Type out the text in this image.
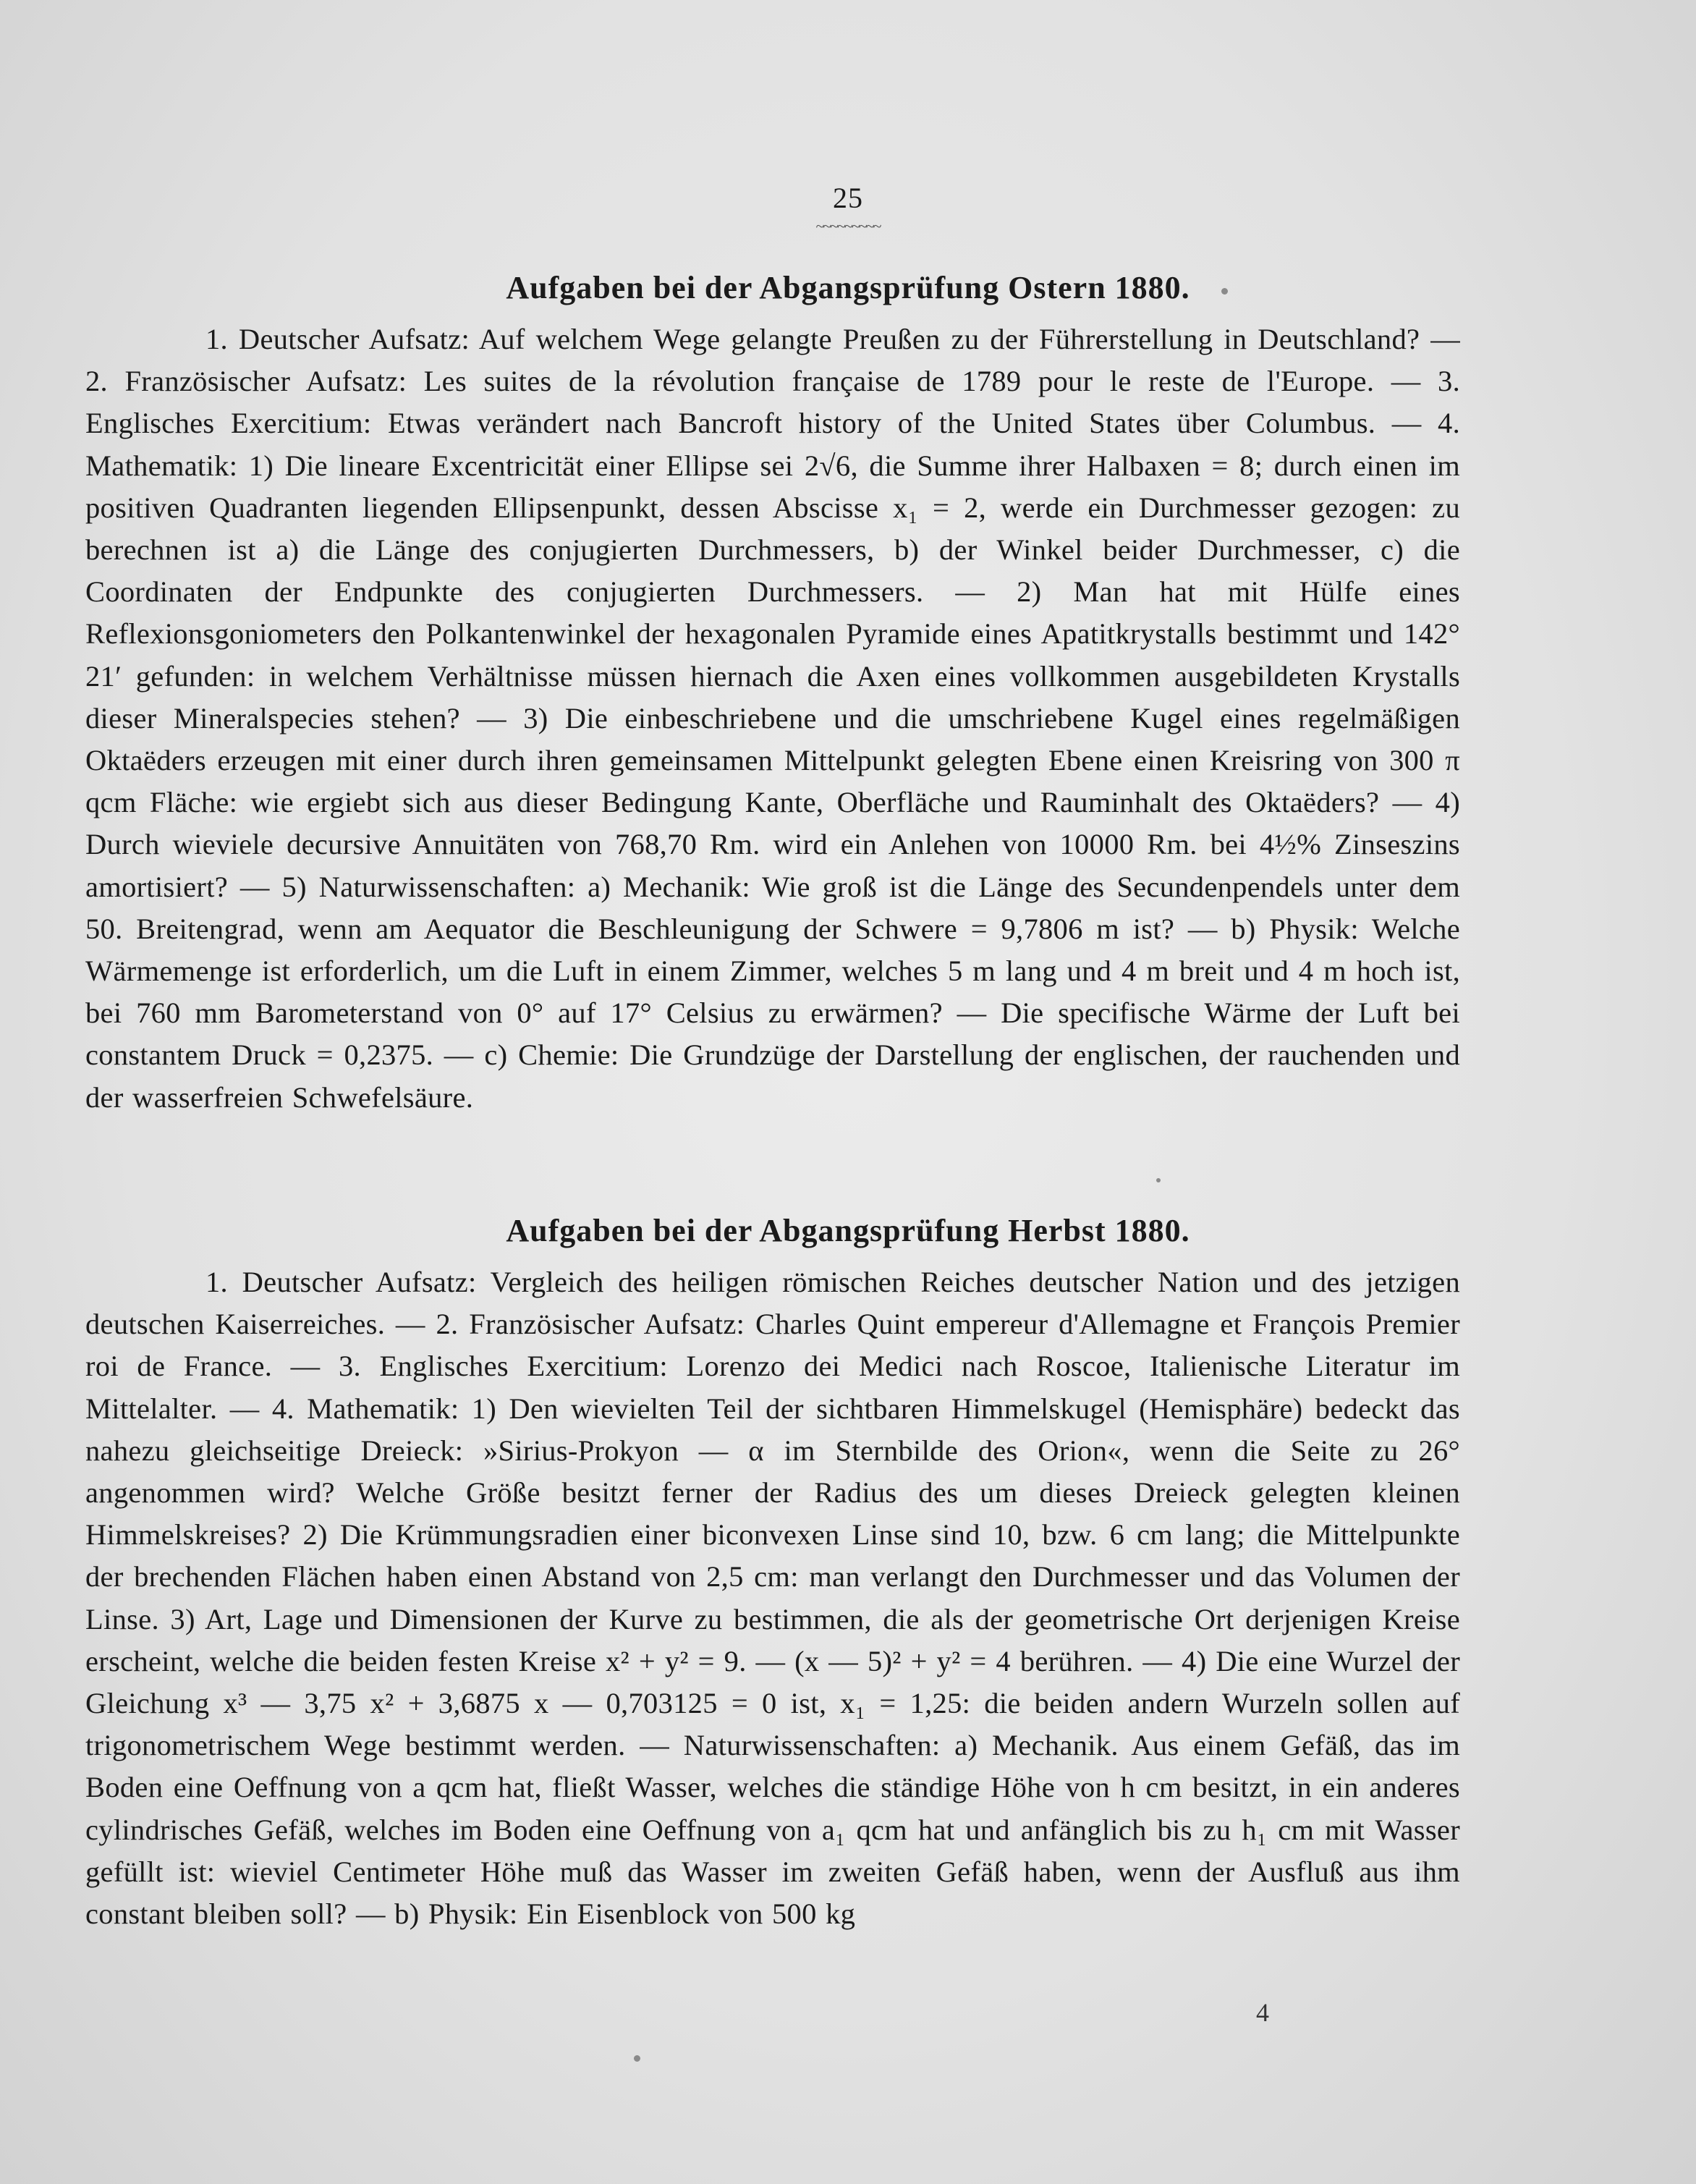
25
~~~~~~~~~
Aufgaben bei der Abgangsprüfung Ostern 1880.

1. Deutscher Aufsatz: Auf welchem Wege gelangte Preußen zu der Führerstellung in Deutschland? — 2. Französischer Aufsatz: Les suites de la révolution française de 1789 pour le reste de l'Europe. — 3. Englisches Exercitium: Etwas verändert nach Bancroft history of the United States über Columbus. — 4. Mathematik: 1) Die lineare Excentricität einer Ellipse sei 2√6, die Summe ihrer Halbaxen = 8; durch einen im positiven Quadranten liegenden Ellipsenpunkt, dessen Abscisse x₁ = 2, werde ein Durchmesser gezogen: zu berechnen ist a) die Länge des conjugierten Durchmessers, b) der Winkel beider Durchmesser, c) die Coordinaten der Endpunkte des conjugierten Durchmessers. — 2) Man hat mit Hülfe eines Reflexionsgoniometers den Polkantenwinkel der hexagonalen Pyramide eines Apatitkrystalls bestimmt und 142° 21′ gefunden: in welchem Verhältnisse müssen hiernach die Axen eines vollkommen ausgebildeten Krystalls dieser Mineralspecies stehen? — 3) Die einbeschriebene und die umschriebene Kugel eines regelmäßigen Oktaëders erzeugen mit einer durch ihren gemeinsamen Mittelpunkt gelegten Ebene einen Kreisring von 300 π qcm Fläche: wie ergiebt sich aus dieser Bedingung Kante, Oberfläche und Rauminhalt des Oktaëders? — 4) Durch wieviele decursive Annuitäten von 768,70 Rm. wird ein Anlehen von 10000 Rm. bei 4½% Zinseszins amortisiert? — 5) Naturwissenschaften: a) Mechanik: Wie groß ist die Länge des Secundenpendels unter dem 50. Breitengrad, wenn am Aequator die Beschleunigung der Schwere = 9,7806 m ist? — b) Physik: Welche Wärmemenge ist erforderlich, um die Luft in einem Zimmer, welches 5 m lang und 4 m breit und 4 m hoch ist, bei 760 mm Barometerstand von 0° auf 17° Celsius zu erwärmen? — Die specifische Wärme der Luft bei constantem Druck = 0,2375. — c) Chemie: Die Grundzüge der Darstellung der englischen, der rauchenden und der wasserfreien Schwefelsäure.

Aufgaben bei der Abgangsprüfung Herbst 1880.

1. Deutscher Aufsatz: Vergleich des heiligen römischen Reiches deutscher Nation und des jetzigen deutschen Kaiserreiches. — 2. Französischer Aufsatz: Charles Quint empereur d'Allemagne et François Premier roi de France. — 3. Englisches Exercitium: Lorenzo dei Medici nach Roscoe, Italienische Literatur im Mittelalter. — 4. Mathematik: 1) Den wievielten Teil der sichtbaren Himmelskugel (Hemisphäre) bedeckt das nahezu gleichseitige Dreieck: »Sirius-Prokyon — α im Sternbilde des Orion«, wenn die Seite zu 26° angenommen wird? Welche Größe besitzt ferner der Radius des um dieses Dreieck gelegten kleinen Himmelskreises? 2) Die Krümmungsradien einer biconvexen Linse sind 10, bzw. 6 cm lang; die Mittelpunkte der brechenden Flächen haben einen Abstand von 2,5 cm: man verlangt den Durchmesser und das Volumen der Linse. 3) Art, Lage und Dimensionen der Kurve zu bestimmen, die als der geometrische Ort derjenigen Kreise erscheint, welche die beiden festen Kreise x² + y² = 9. — (x — 5)² + y² = 4 berühren. — 4) Die eine Wurzel der Gleichung x³ — 3,75 x² + 3,6875 x — 0,703125 = 0 ist, x₁ = 1,25: die beiden andern Wurzeln sollen auf trigonometrischem Wege bestimmt werden. — Naturwissenschaften: a) Mechanik. Aus einem Gefäß, das im Boden eine Oeffnung von a qcm hat, fließt Wasser, welches die ständige Höhe von h cm besitzt, in ein anderes cylindrisches Gefäß, welches im Boden eine Oeffnung von a₁ qcm hat und anfänglich bis zu h₁ cm mit Wasser gefüllt ist: wieviel Centimeter Höhe muß das Wasser im zweiten Gefäß haben, wenn der Ausfluß aus ihm constant bleiben soll? — b) Physik: Ein Eisenblock von 500 kg

4
